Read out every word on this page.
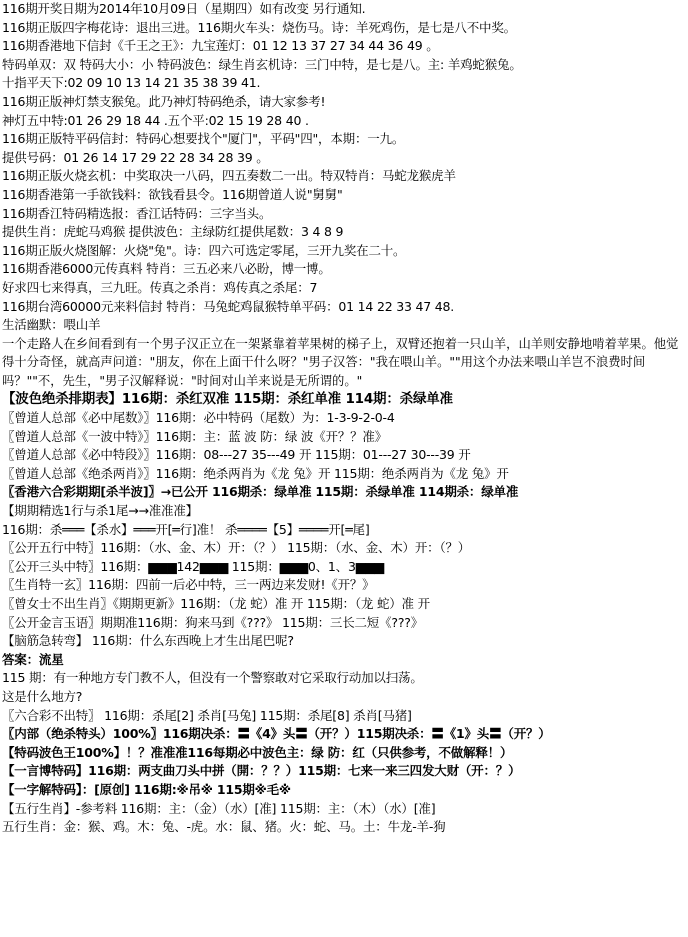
116期开奖日期为2014年10月09日（星期四）如有改变 另行通知.
116期正版四字梅花诗：退出三进。116期火车头：烧伤马。诗：羊死鸡伤，是七是八不中奖。
116期香港地下信封《千王之王》：九宝莲灯：01 12 13 37 27 34 44 36 49 。
特码单双：双 特码大小：小 特码波色：绿生肖玄机诗：三门中特，是七是八。主: 羊鸡蛇猴兔。
十指平天下:02 09 10 13 14 21 35 38 39 41.
116期正版神灯禁支猴兔。此乃神灯特码绝杀，请大家参考!
神灯五中特:01 26 29 18 44 .五个平:02 15 19 28 40 .
116期正版特平码信封：特码心想要找个"厦门"，平码"四"，本期：一九。
提供号码：01 26 14 17 29 22 28 34 28 39 。
116期正版火烧玄机：中奖取决一八码，四五奏数二一出。特双特肖：马蛇龙猴虎羊
116期香港第一手欲钱料：欲钱看县令。116期曾道人说"舅舅"
116期香江特码精选报：香江话特码：三字当头。
提供生肖：虎蛇马鸡猴 提供波色：主绿防红提供尾数：3 4 8 9
116期正版火烧图解：火烧"兔"。诗：四六可选定零尾，三开九奖在二十。
116期香港6000元传真料 特肖：三五必来八必盼，博一博。
好求四七来得真，三九旺。传真之杀肖：鸡传真之杀尾：7
116期台湾60000元来料信封 特肖：马兔蛇鸡鼠猴特单平码：01 14 22 33 47 48.
生活幽默：喂山羊
一个走路人在乡间看到有一个男子汉正立在一架紧靠着苹果树的梯子上，双臂还抱着一只山羊，山羊则安静地啃着苹果。他觉得十分奇怪，就高声问道："朋友，你在上面干什么呀？"男子汉答："我在喂山羊。""用这个办法来喂山羊岂不浪费时间吗？""不，先生，"男子汉解释说："时间对山羊来说是无所谓的。"
【波色绝杀排期表】116期：杀红双准 115期：杀红单准 114期：杀绿单准
〖曾道人总部《必中尾数》〗116期：必中特码（尾数）为：1-3-9-2-0-4
〖曾道人总部《一波中特》〗116期：主：蓝 波 防：绿 波《开？？准》
〖曾道人总部《必中特段》〗116期：08---27 35---49 开 115期：01---27 30---39 开
〖曾道人总部《绝杀两肖》〗116期：绝杀两肖为《龙 兔》开 115期：绝杀两肖为《龙 兔》开
〖香港六合彩期期[杀半波]〗→已公开 116期杀：绿单准 115期：杀绿单准 114期杀：绿单准
【期期精选1行与杀1尾→→准准准】
116期：杀═══【杀水】═══开[═行]准！ 杀════【5】════开[═尾]
〖公开五行中特〗116期：（水、金、木）开：（？） 115期：（水、金、木）开：（？）
〖公开三头中特〗116期：▆▆▆142▆▆▆ 115期：▆▆▆0、1、3▆▆▆
〖生肖特一玄〗116期：四前一后必中特，三一两边来发财!《开？》
〖曾女士不出生肖〗《期期更新》116期：（龙 蛇）准 开 115期：（龙 蛇）准 开
〖公开金言玉语〗期期准116期：狗来马到《???》 115期：三长二短《???》
【脑筋急转弯】 116期：什么东西晚上才生出尾巴呢?
答案：流星
115 期：有一种地方专门教不人，但没有一个警察敢对它采取行动加以扫荡。
这是什么地方?
〖六合彩不出特〗 116期：杀尾[2] 杀肖[马兔] 115期：杀尾[8] 杀肖[马猪]
〖内部（绝杀特头）100%〗116期决杀：〓《4》头〓（开？）115期决杀：〓《1》头〓（开？）
【特码波色王100%】！？准准准116每期必中波色主：绿 防：红（只供参考，不做解释！）
【一言博特码】116期：两支曲刀头中拼（開：？？）115期：七来一来三四发大财（开：？）
【一字解特码】：[原创] 116期:※吊※ 115期※毛※
【五行生肖】-参考料 116期：主：（金）（水）[准] 115期：主：（木）（水）[准]
五行生肖：金：猴、鸡。木：兔、-虎。水：鼠、猪。火：蛇、马。土：牛龙-羊-狗
